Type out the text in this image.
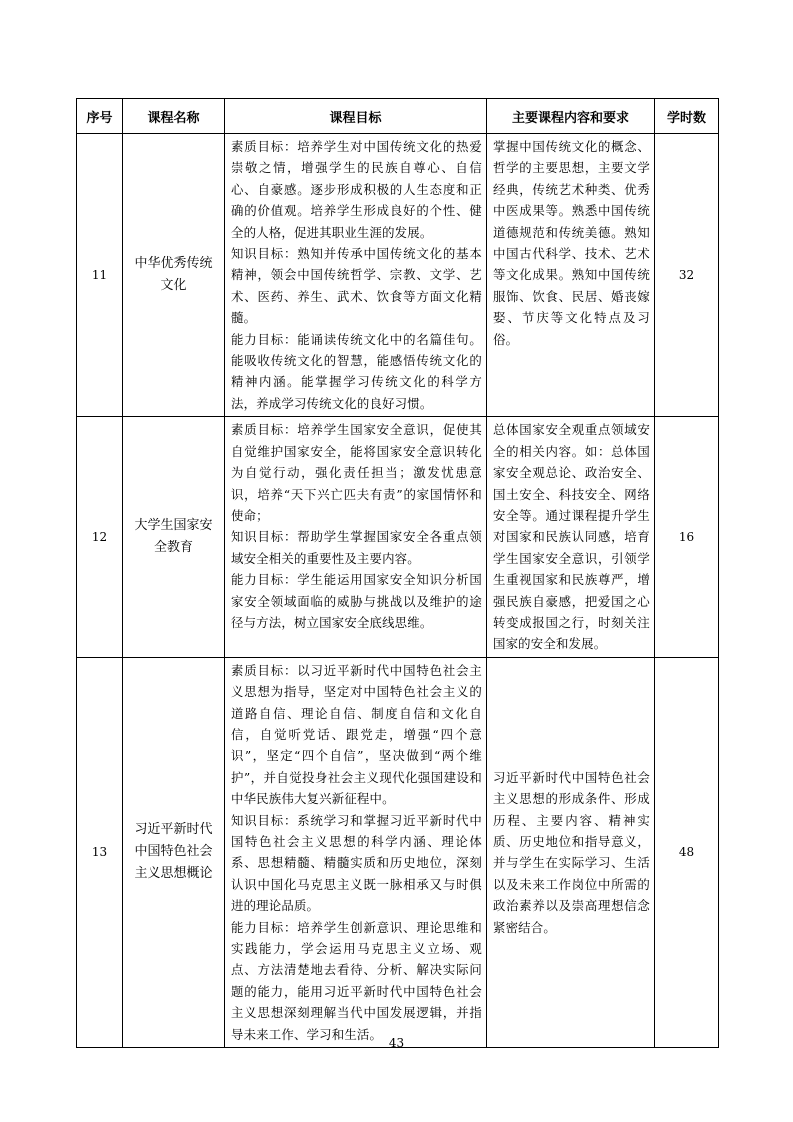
序号	课程名称	课程目标	主要课程内容和要求	学时数
11	中华优秀传统文化	素质目标：培养学生对中国传统文化的热爱崇敬之情，增强学生的民族自尊心、自信心、自豪感。逐步形成积极的人生态度和正确的价值观。培养学生形成良好的个性、健全的人格，促进其职业生涯的发展。
知识目标：熟知并传承中国传统文化的基本精神，领会中国传统哲学、宗教、文学、艺术、医药、养生、武术、饮食等方面文化精髓。
能力目标：能诵读传统文化中的名篇佳句。能吸收传统文化的智慧，能感悟传统文化的精神内涵。能掌握学习传统文化的科学方法，养成学习传统文化的良好习惯。	掌握中国传统文化的概念、哲学的主要思想，主要文学经典，传统艺术种类、优秀中医成果等。熟悉中国传统道德规范和传统美德。熟知中国古代科学、技术、艺术等文化成果。熟知中国传统服饰、饮食、民居、婚丧嫁娶、节庆等文化特点及习俗。	32
12	大学生国家安全教育	素质目标：培养学生国家安全意识，促使其自觉维护国家安全，能将国家安全意识转化为自觉行动，强化责任担当；激发忧患意识，培养“天下兴亡匹夫有责”的家国情怀和使命；
知识目标：帮助学生掌握国家安全各重点领域安全相关的重要性及主要内容。
能力目标：学生能运用国家安全知识分析国家安全领域面临的威胁与挑战以及维护的途径与方法，树立国家安全底线思维。	总体国家安全观重点领域安全的相关内容。如：总体国家安全观总论、政治安全、国土安全、科技安全、网络安全等。通过课程提升学生对国家和民族认同感，培育学生国家安全意识，引领学生重视国家和民族尊严，增强民族自豪感，把爱国之心转变成报国之行，时刻关注国家的安全和发展。	16
13	习近平新时代中国特色社会主义思想概论	素质目标：以习近平新时代中国特色社会主义思想为指导，坚定对中国特色社会主义的道路自信、理论自信、制度自信和文化自信，自觉听党话、跟党走，增强“四个意识”，坚定“四个自信”，坚决做到“两个维护”，并自觉投身社会主义现代化强国建设和中华民族伟大复兴新征程中。
知识目标：系统学习和掌握习近平新时代中国特色社会主义思想的科学内涵、理论体系、思想精髓、精髓实质和历史地位，深刻认识中国化马克思主义既一脉相承又与时俱进的理论品质。
能力目标：培养学生创新意识、理论思维和实践能力，学会运用马克思主义立场、观点、方法清楚地去看待、分析、解决实际问题的能力，能用习近平新时代中国特色社会主义思想深刻理解当代中国发展逻辑，并指导未来工作、学习和生活。	习近平新时代中国特色社会主义思想的形成条件、形成历程、主要内容、精神实质、历史地位和指导意义，并与学生在实际学习、生活以及未来工作岗位中所需的政治素养以及崇高理想信念紧密结合。	48
43
